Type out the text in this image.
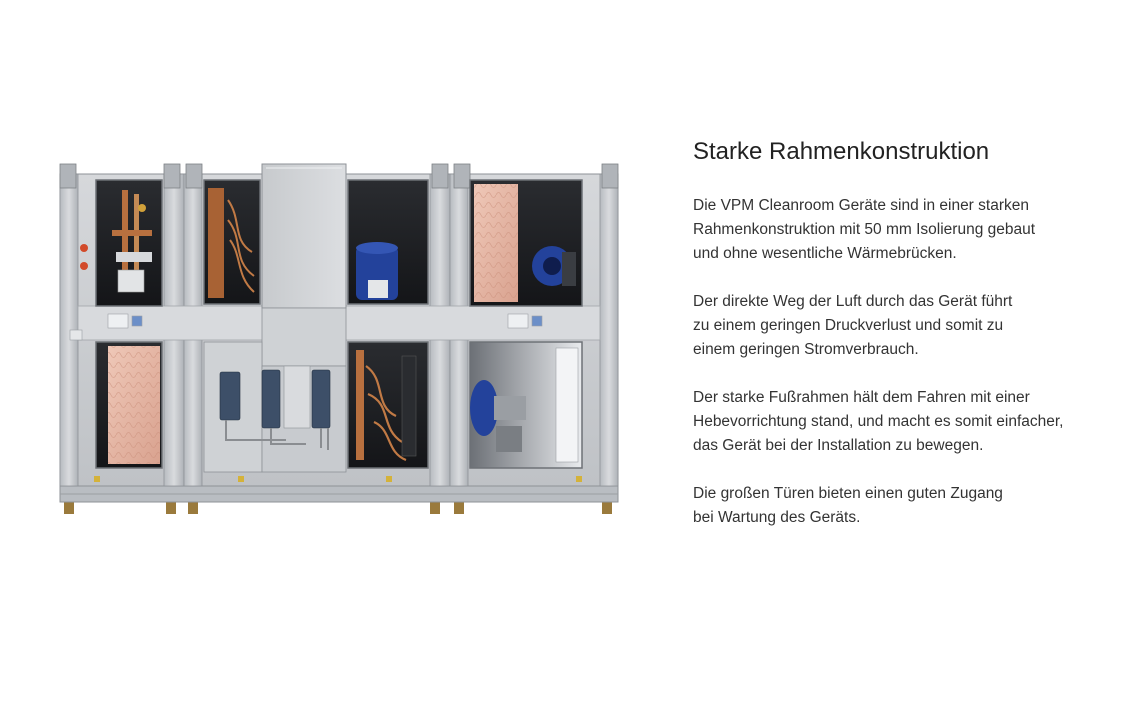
Starke Rahmenkonstruktion

Die VPM Cleanroom Geräte sind in einer starken
Rahmenkonstruktion mit 50 mm Isolierung gebaut
und ohne wesentliche Wärmebrücken.

Der direkte Weg der Luft durch das Gerät führt
zu einem geringen Druckverlust und somit zu
einem geringen Stromverbrauch.

Der starke Fußrahmen hält dem Fahren mit einer
Hebevorrichtung stand, und macht es somit einfacher,
das Gerät bei der Installation zu bewegen.

Die großen Türen bieten einen guten Zugang
bei Wartung des Geräts.
